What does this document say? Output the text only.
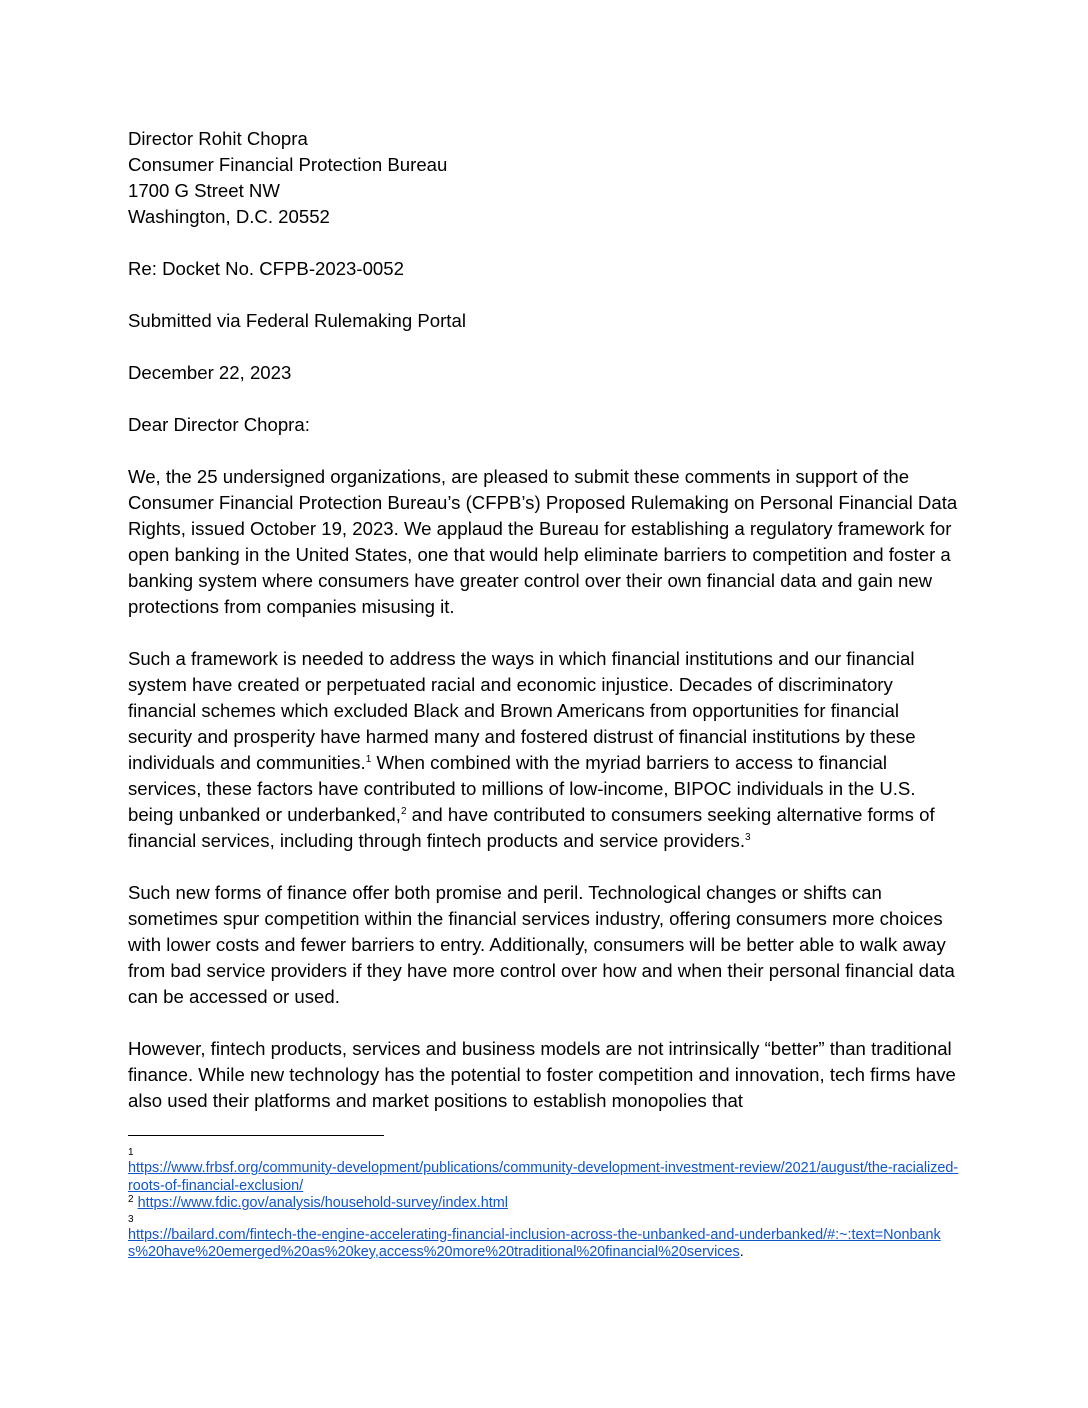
Director Rohit Chopra
Consumer Financial Protection Bureau
1700 G Street NW
Washington, D.C. 20552

Re: Docket No. CFPB-2023-0052

Submitted via Federal Rulemaking Portal

December 22, 2023

Dear Director Chopra:

We, the 25 undersigned organizations, are pleased to submit these comments in support of the Consumer Financial Protection Bureau’s (CFPB’s) Proposed Rulemaking on Personal Financial Data Rights, issued October 19, 2023. We applaud the Bureau for establishing a regulatory framework for open banking in the United States, one that would help eliminate barriers to competition and foster a banking system where consumers have greater control over their own financial data and gain new protections from companies misusing it.

Such a framework is needed to address the ways in which financial institutions and our financial system have created or perpetuated racial and economic injustice. Decades of discriminatory financial schemes which excluded Black and Brown Americans from opportunities for financial security and prosperity have harmed many and fostered distrust of financial institutions by these individuals and communities.$^1$ When combined with the myriad barriers to access to financial services, these factors have contributed to millions of low-income, BIPOC individuals in the U.S. being unbanked or underbanked,$^2$ and have contributed to consumers seeking alternative forms of financial services, including through fintech products and service providers.$^3$

Such new forms of finance offer both promise and peril. Technological changes or shifts can sometimes spur competition within the financial services industry, offering consumers more choices with lower costs and fewer barriers to entry. Additionally, consumers will be better able to walk away from bad service providers if they have more control over how and when their personal financial data can be accessed or used.

However, fintech products, services and business models are not intrinsically “better” than traditional finance. While new technology has the potential to foster competition and innovation, tech firms have also used their platforms and market positions to establish monopolies that

1
https://www.frbsf.org/community-development/publications/community-development-investment-review/2021/august/the-racialized-roots-of-financial-exclusion/
$^2$ https://www.fdic.gov/analysis/household-survey/index.html
3
https://bailard.com/fintech-the-engine-accelerating-financial-inclusion-across-the-unbanked-and-underbanked/#:~:text=Nonbanks%20have%20emerged%20as%20key,access%20more%20traditional%20financial%20services.
